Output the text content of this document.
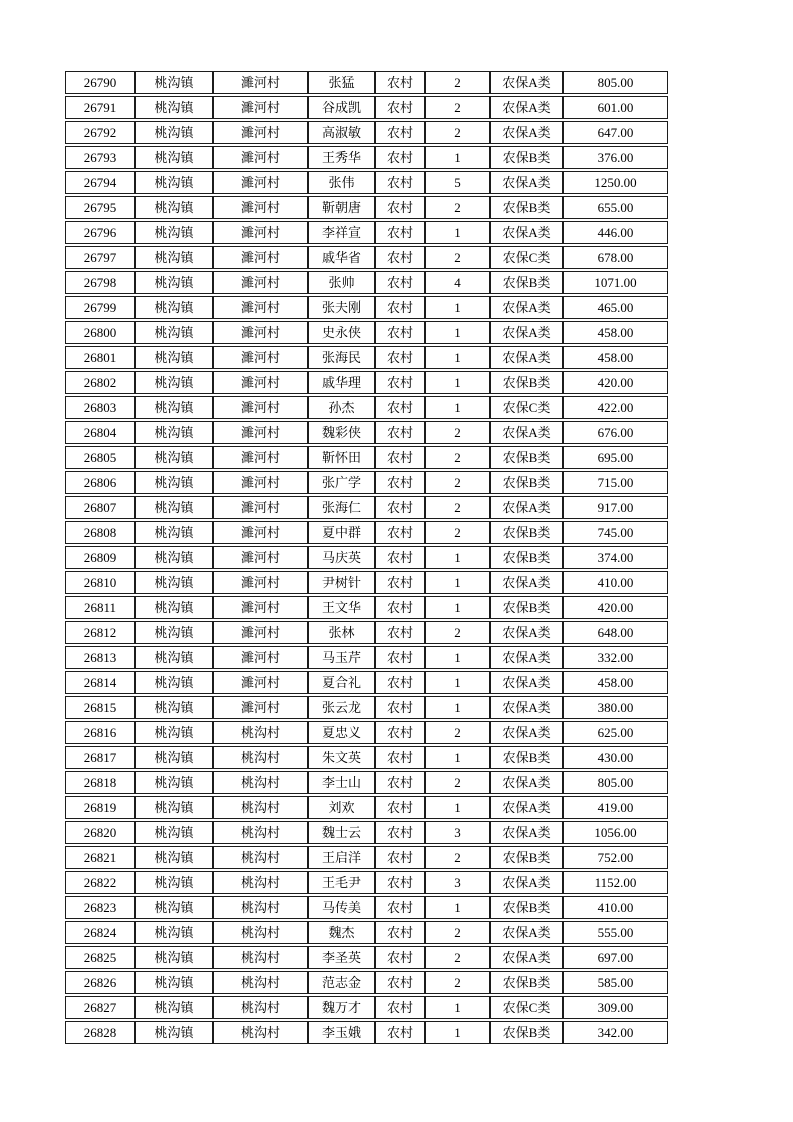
26790	桃沟镇	濉河村	张猛	农村	2	农保A类	805.00
26791	桃沟镇	濉河村	谷成凯	农村	2	农保A类	601.00
26792	桃沟镇	濉河村	高淑敏	农村	2	农保A类	647.00
26793	桃沟镇	濉河村	王秀华	农村	1	农保B类	376.00
26794	桃沟镇	濉河村	张伟	农村	5	农保A类	1250.00
26795	桃沟镇	濉河村	靳朝唐	农村	2	农保B类	655.00
26796	桃沟镇	濉河村	李祥宣	农村	1	农保A类	446.00
26797	桃沟镇	濉河村	戚华省	农村	2	农保C类	678.00
26798	桃沟镇	濉河村	张帅	农村	4	农保B类	1071.00
26799	桃沟镇	濉河村	张夫刚	农村	1	农保A类	465.00
26800	桃沟镇	濉河村	史永侠	农村	1	农保A类	458.00
26801	桃沟镇	濉河村	张海民	农村	1	农保A类	458.00
26802	桃沟镇	濉河村	戚华理	农村	1	农保B类	420.00
26803	桃沟镇	濉河村	孙杰	农村	1	农保C类	422.00
26804	桃沟镇	濉河村	魏彩侠	农村	2	农保A类	676.00
26805	桃沟镇	濉河村	靳怀田	农村	2	农保B类	695.00
26806	桃沟镇	濉河村	张广学	农村	2	农保B类	715.00
26807	桃沟镇	濉河村	张海仁	农村	2	农保A类	917.00
26808	桃沟镇	濉河村	夏中群	农村	2	农保B类	745.00
26809	桃沟镇	濉河村	马庆英	农村	1	农保B类	374.00
26810	桃沟镇	濉河村	尹树针	农村	1	农保A类	410.00
26811	桃沟镇	濉河村	王文华	农村	1	农保B类	420.00
26812	桃沟镇	濉河村	张林	农村	2	农保A类	648.00
26813	桃沟镇	濉河村	马玉芹	农村	1	农保A类	332.00
26814	桃沟镇	濉河村	夏合礼	农村	1	农保A类	458.00
26815	桃沟镇	濉河村	张云龙	农村	1	农保A类	380.00
26816	桃沟镇	桃沟村	夏忠义	农村	2	农保A类	625.00
26817	桃沟镇	桃沟村	朱文英	农村	1	农保B类	430.00
26818	桃沟镇	桃沟村	李士山	农村	2	农保A类	805.00
26819	桃沟镇	桃沟村	刘欢	农村	1	农保A类	419.00
26820	桃沟镇	桃沟村	魏士云	农村	3	农保A类	1056.00
26821	桃沟镇	桃沟村	王启洋	农村	2	农保B类	752.00
26822	桃沟镇	桃沟村	王毛尹	农村	3	农保A类	1152.00
26823	桃沟镇	桃沟村	马传美	农村	1	农保B类	410.00
26824	桃沟镇	桃沟村	魏杰	农村	2	农保A类	555.00
26825	桃沟镇	桃沟村	李圣英	农村	2	农保A类	697.00
26826	桃沟镇	桃沟村	范志金	农村	2	农保B类	585.00
26827	桃沟镇	桃沟村	魏万才	农村	1	农保C类	309.00
26828	桃沟镇	桃沟村	李玉娥	农村	1	农保B类	342.00
